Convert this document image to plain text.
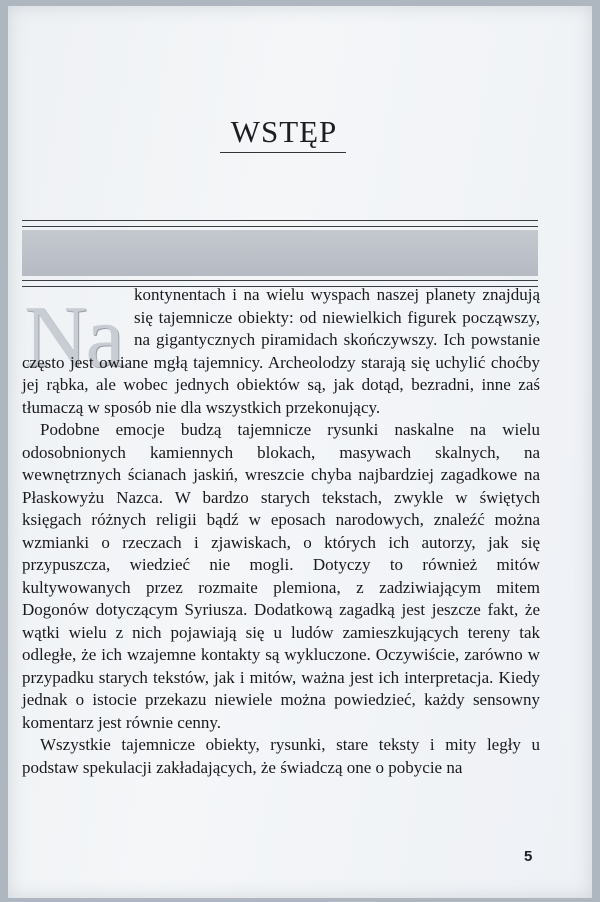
WSTĘP
Na kontynentach i na wielu wyspach naszej planety znajdują się tajemnicze obiekty: od niewielkich figurek począwszy, na gigantycznych piramidach skończywszy. Ich powstanie często jest owiane mgłą tajemnicy. Archeolodzy starają się uchylić choćby jej rąbka, ale wobec jednych obiektów są, jak dotąd, bezradni, inne zaś tłumaczą w sposób nie dla wszystkich przekonujący.

Podobne emocje budzą tajemnicze rysunki naskalne na wielu odosobnionych kamiennych blokach, masywach skalnych, na wewnętrznych ścianach jaskiń, wreszcie chyba najbardziej zagadkowe na Płaskowyżu Nazca. W bardzo starych tekstach, zwykle w świętych księgach różnych religii bądź w eposach narodowych, znaleźć można wzmianki o rzeczach i zjawiskach, o których ich autorzy, jak się przypuszcza, wiedzieć nie mogli. Dotyczy to również mitów kultywowanych przez rozmaite plemiona, z zadziwiającym mitem Dogonów dotyczącym Syriusza. Dodatkową zagadką jest jeszcze fakt, że wątki wielu z nich pojawiają się u ludów zamieszkujących tereny tak odległe, że ich wzajemne kontakty są wykluczone. Oczywiście, zarówno w przypadku starych tekstów, jak i mitów, ważna jest ich interpretacja. Kiedy jednak o istocie przekazu niewiele można powiedzieć, każdy sensowny komentarz jest równie cenny.

Wszystkie tajemnicze obiekty, rysunki, stare teksty i mity legły u podstaw spekulacji zakładających, że świadczą one o pobycie na

5
